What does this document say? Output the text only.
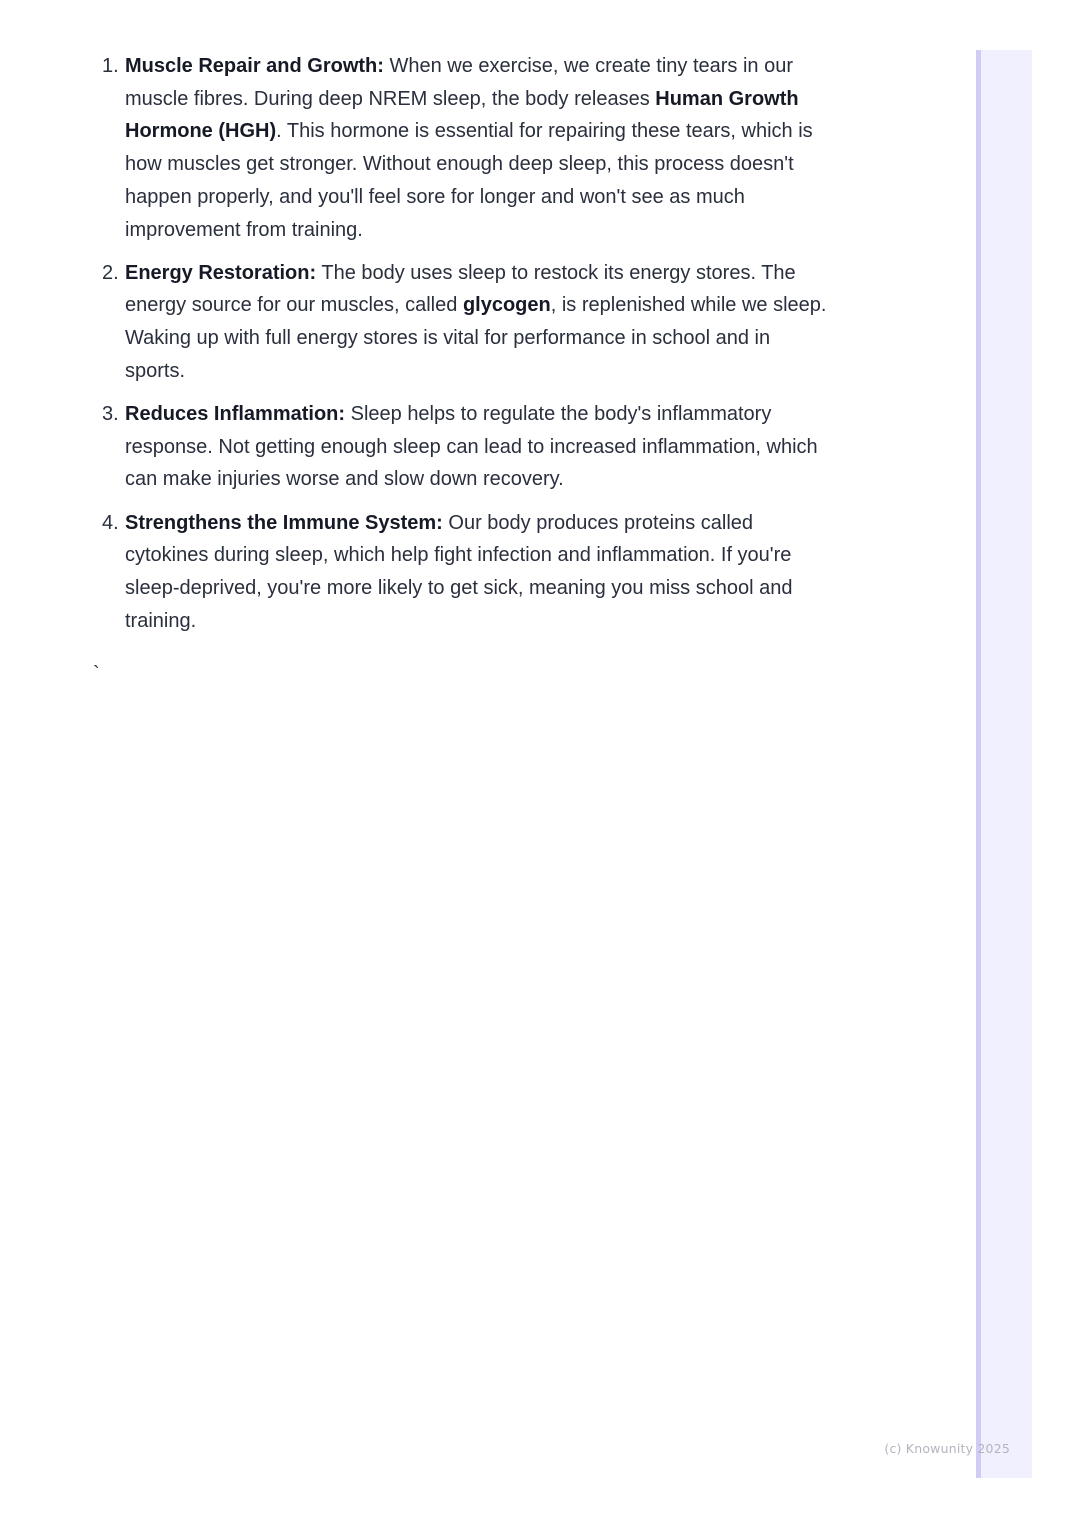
1. Muscle Repair and Growth: When we exercise, we create tiny tears in our muscle fibres. During deep NREM sleep, the body releases Human Growth Hormone (HGH). This hormone is essential for repairing these tears, which is how muscles get stronger. Without enough deep sleep, this process doesn't happen properly, and you'll feel sore for longer and won't see as much improvement from training.
2. Energy Restoration: The body uses sleep to restock its energy stores. The energy source for our muscles, called glycogen, is replenished while we sleep. Waking up with full energy stores is vital for performance in school and in sports.
3. Reduces Inflammation: Sleep helps to regulate the body's inflammatory response. Not getting enough sleep can lead to increased inflammation, which can make injuries worse and slow down recovery.
4. Strengthens the Immune System: Our body produces proteins called cytokines during sleep, which help fight infection and inflammation. If you're sleep-deprived, you're more likely to get sick, meaning you miss school and training.
`
(c) Knowunity 2025
